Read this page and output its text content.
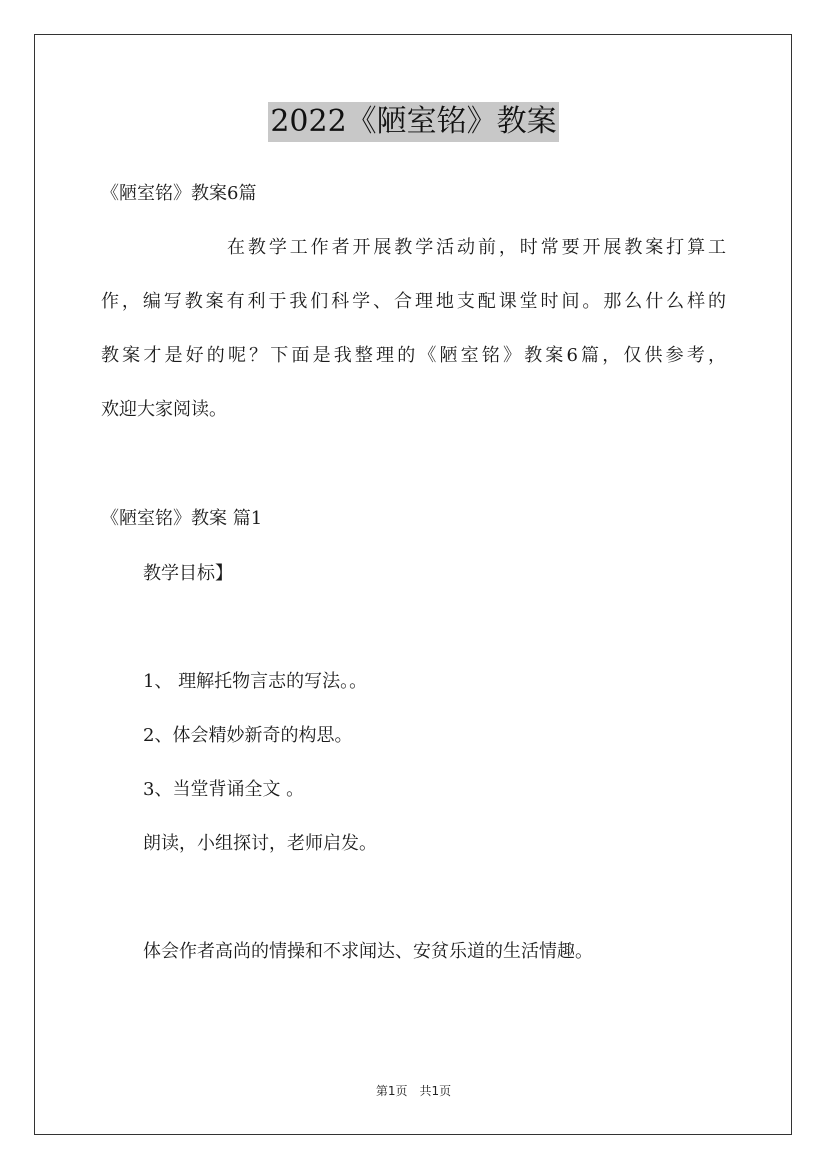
2022《陋室铭》教案
《陋室铭》教案6篇
在教学工作者开展教学活动前，时常要开展教案打算工
作，编写教案有利于我们科学、合理地支配课堂时间。那么什么样的
教案才是好的呢？下面是我整理的《陋室铭》教案6篇，仅供参考，
欢迎大家阅读。
《陋室铭》教案 篇1
教学目标】
1、 理解托物言志的写法。。
2、体会精妙新奇的构思。
3、当堂背诵全文 。
朗读，小组探讨，老师启发。
体会作者高尚的情操和不求闻达、安贫乐道的生活情趣。
第1页 共1页
